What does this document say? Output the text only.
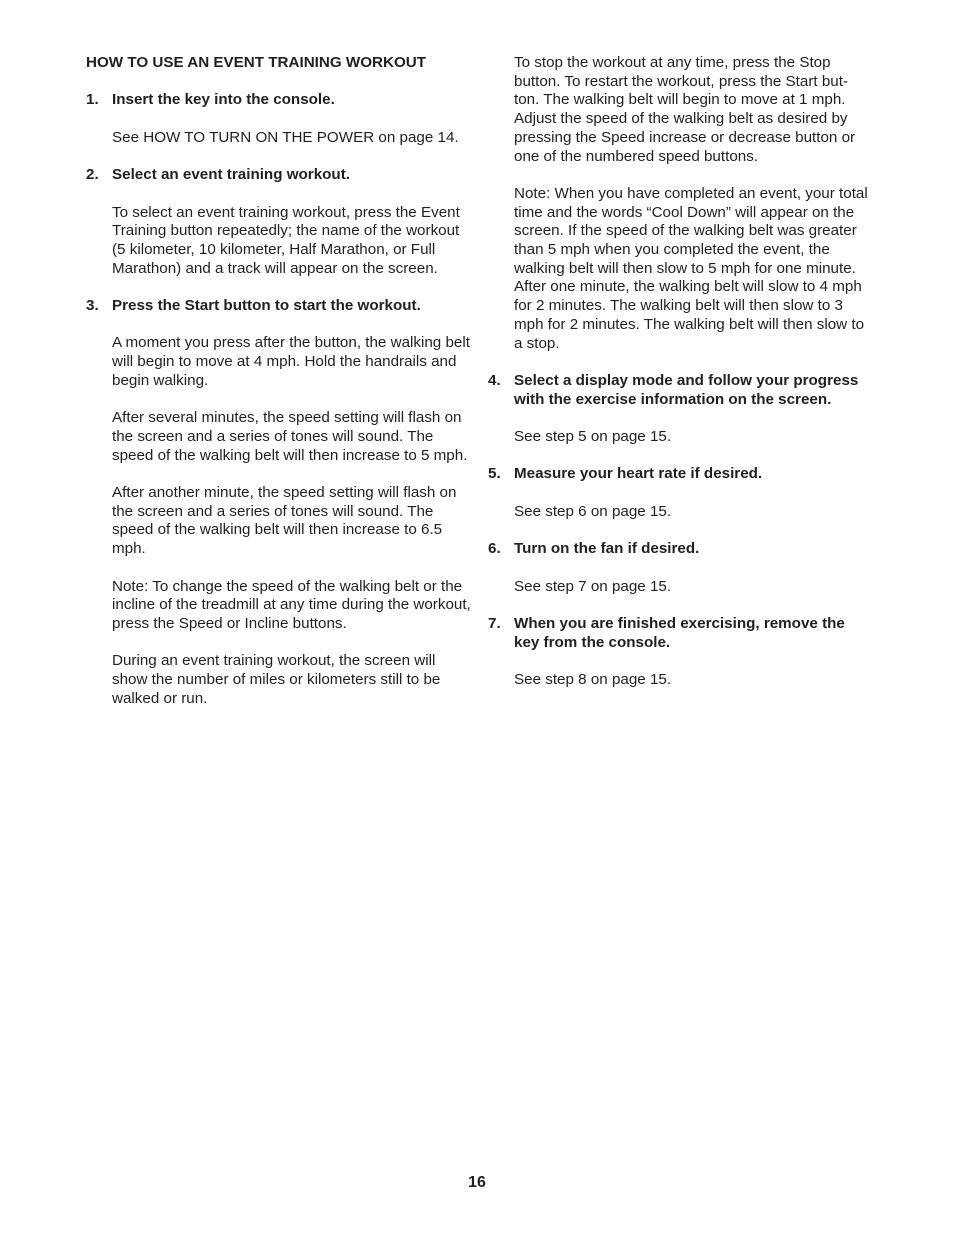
HOW TO USE AN EVENT TRAINING WORKOUT
1. Insert the key into the console.
See HOW TO TURN ON THE POWER on page 14.
2. Select an event training workout.
To select an event training workout, press the Event Training button repeatedly; the name of the workout (5 kilometer, 10 kilometer, Half Marathon, or Full Marathon) and a track will appear on the screen.
3. Press the Start button to start the workout.
A moment you press after the button, the walking belt will begin to move at 4 mph. Hold the handrails and begin walking.
After several minutes, the speed setting will flash on the screen and a series of tones will sound. The speed of the walking belt will then increase to 5 mph.
After another minute, the speed setting will flash on the screen and a series of tones will sound. The speed of the walking belt will then increase to 6.5 mph.
Note: To change the speed of the walking belt or the incline of the treadmill at any time during the workout, press the Speed or Incline buttons.
During an event training workout, the screen will show the number of miles or kilometers still to be walked or run.
To stop the workout at any time, press the Stop button. To restart the workout, press the Start but- ton. The walking belt will begin to move at 1 mph. Adjust the speed of the walking belt as desired by pressing the Speed increase or decrease button or one of the numbered speed buttons.
Note: When you have completed an event, your total time and the words “Cool Down” will appear on the screen. If the speed of the walking belt was greater than 5 mph when you completed the event, the walking belt will then slow to 5 mph for one minute. After one minute, the walking belt will slow to 4 mph for 2 minutes. The walking belt will then slow to 3 mph for 2 minutes. The walking belt will then slow to a stop.
4. Select a display mode and follow your progress with the exercise information on the screen.
See step 5 on page 15.
5. Measure your heart rate if desired.
See step 6 on page 15.
6. Turn on the fan if desired.
See step 7 on page 15.
7. When you are finished exercising, remove the key from the console.
See step 8 on page 15.
16
